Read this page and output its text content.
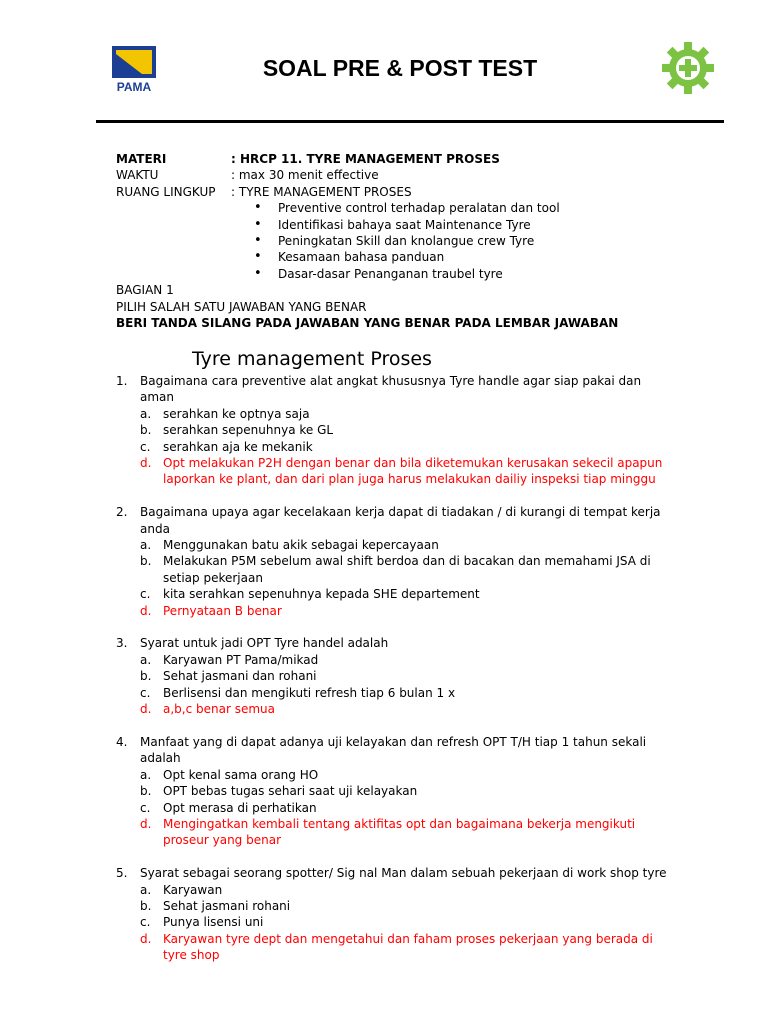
PAMA
SOAL PRE & POST TEST
MATERI	: HRCP 11. TYRE MANAGEMENT PROSES
WAKTU	: max 30 menit effective
RUANG LINGKUP	: TYRE MANAGEMENT PROSES
• Preventive control terhadap peralatan dan tool
• Identifikasi bahaya saat Maintenance Tyre
• Peningkatan Skill dan knolangue crew Tyre
• Kesamaan bahasa panduan
• Dasar-dasar Penanganan traubel tyre
BAGIAN 1
PILIH SALAH SATU JAWABAN YANG BENAR
BERI TANDA SILANG PADA JAWABAN YANG BENAR PADA LEMBAR JAWABAN
Tyre management Proses
1.	Bagaimana cara preventive alat angkat khususnya Tyre handle agar siap pakai dan aman
a. serahkan ke optnya saja
b. serahkan sepenuhnya ke GL
c.	serahkan aja ke mekanik
d. Opt melakukan P2H dengan benar dan bila diketemukan kerusakan sekecil apapun laporkan ke plant, dan dari plan juga harus melakukan dailiy inspeksi tiap minggu
2.	Bagaimana upaya agar kecelakaan kerja dapat di tiadakan / di kurangi di tempat kerja anda
a. Menggunakan batu akik sebagai kepercayaan
b. Melakukan P5M sebelum awal shift berdoa dan di bacakan dan memahami JSA di setiap pekerjaan
c.	kita serahkan sepenuhnya kepada SHE departement
d. Pernyataan B benar
3.	Syarat untuk jadi OPT Tyre handel adalah
a. Karyawan PT Pama/mikad
b. Sehat jasmani dan rohani
c.	Berlisensi dan mengikuti refresh tiap 6 bulan 1 x
d. a,b,c benar semua
4.	Manfaat yang di dapat adanya uji kelayakan dan refresh OPT T/H tiap 1 tahun sekali adalah
a. Opt kenal sama orang HO
b. OPT bebas tugas sehari saat uji kelayakan
c.	Opt merasa di perhatikan
d. Mengingatkan kembali tentang aktifitas opt dan bagaimana bekerja mengikuti proseur yang benar
5.	Syarat sebagai seorang spotter/ Sig nal Man dalam sebuah pekerjaan di work shop tyre
a. Karyawan
b. Sehat jasmani rohani
c.	Punya lisensi uni
d. Karyawan tyre dept dan mengetahui dan faham proses pekerjaan yang berada di tyre shop
